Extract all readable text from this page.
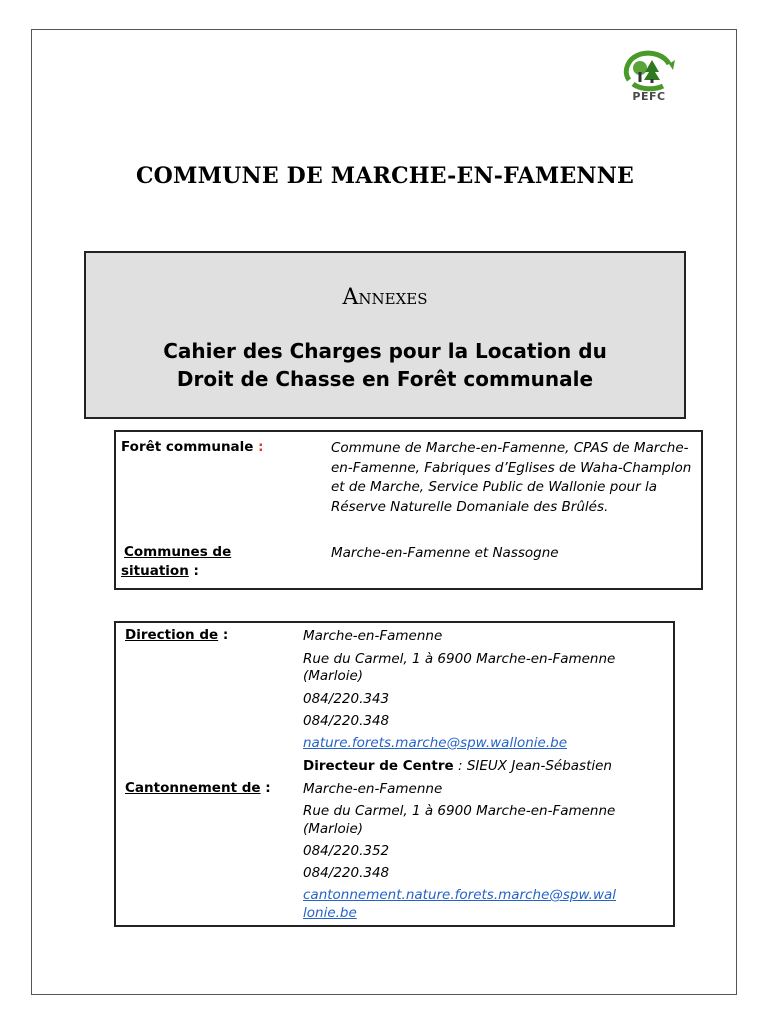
PEFC
COMMUNE DE MARCHE-EN-FAMENNE
Annexes
Cahier des Charges pour la Location du
Droit de Chasse en Forêt communale
Forêt communale :	Commune de Marche-en-Famenne, CPAS de Marche-en-Famenne, Fabriques d’Eglises de Waha-Champlon et de Marche, Service Public de Wallonie pour la Réserve Naturelle Domaniale des Brûlés.
Communes de
situation :
Marche-en-Famenne et Nassogne
Direction de :	Marche-en-Famenne
Rue du Carmel, 1 à 6900 Marche-en-Famenne
(Marloie)
084/220.343
084/220.348
nature.forets.marche@spw.wallonie.be
Directeur de Centre : SIEUX Jean-Sébastien
Cantonnement de : Marche-en-Famenne
Rue du Carmel, 1 à 6900 Marche-en-Famenne
(Marloie)
084/220.352
084/220.348
cantonnement.nature.forets.marche@spw.wal
lonie.be
